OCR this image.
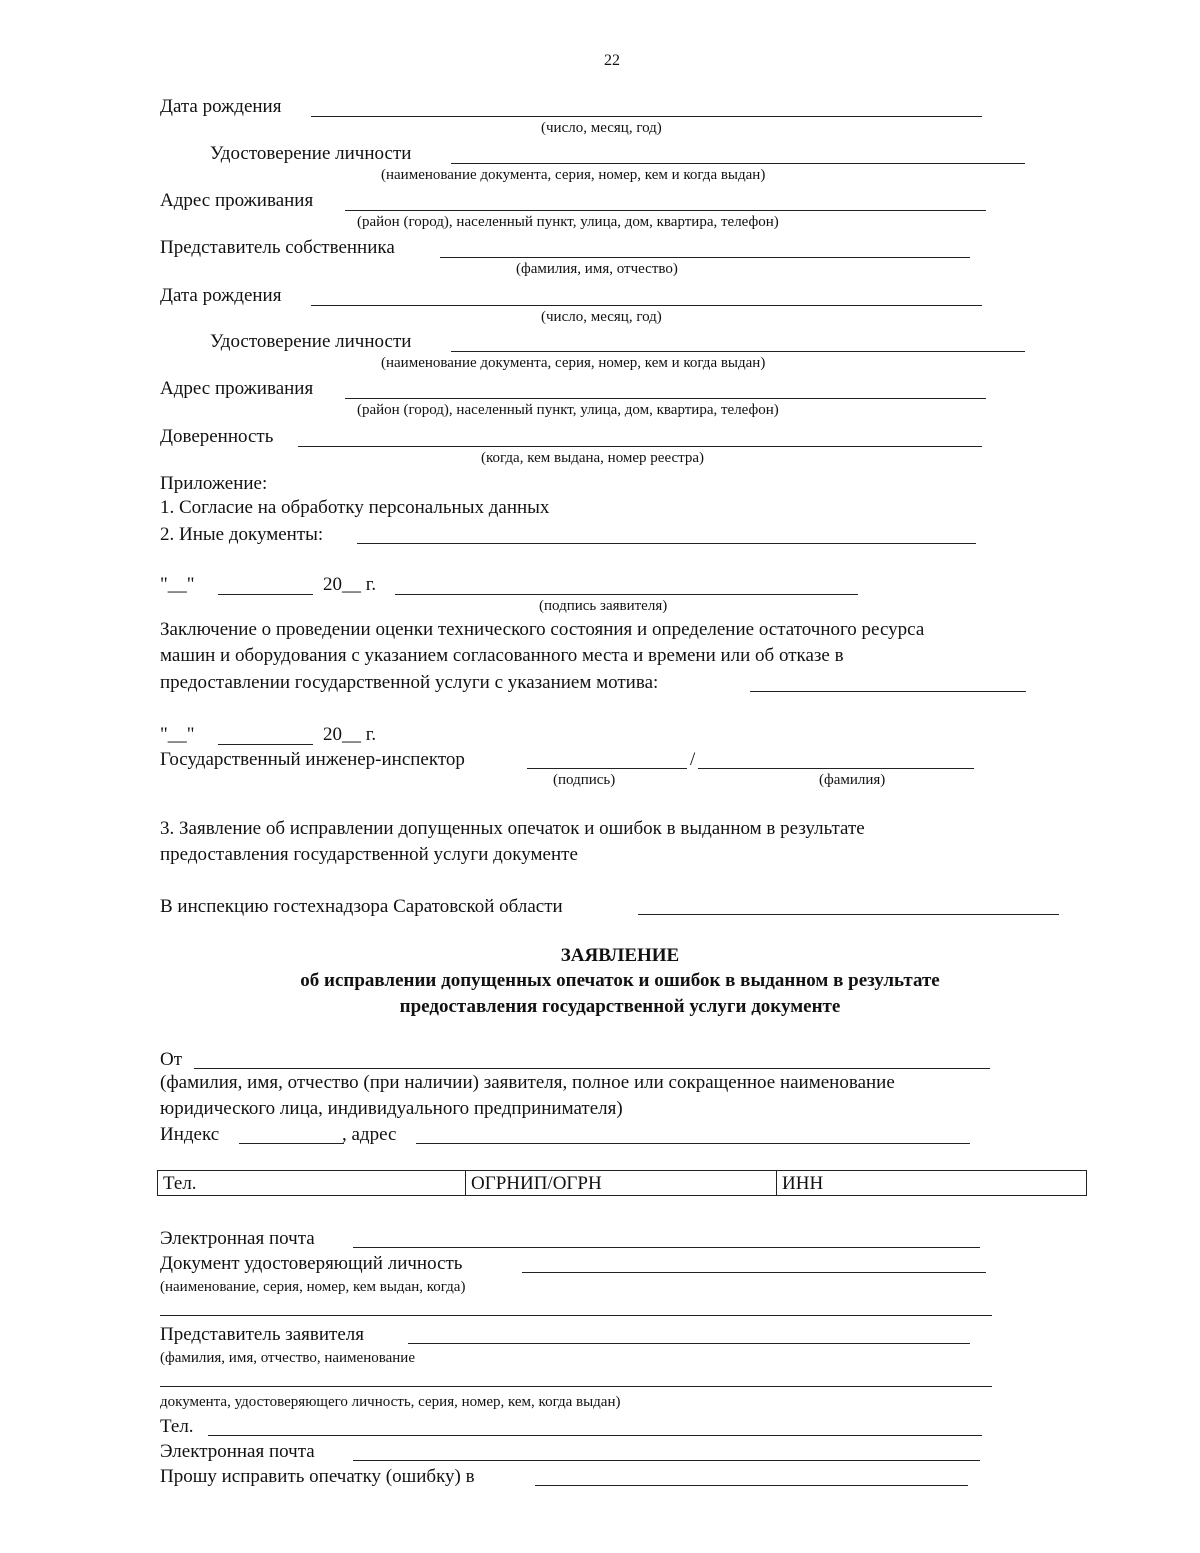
22
Дата рождения
(число, месяц, год)
Удостоверение личности
(наименование документа, серия, номер, кем и когда выдан)
Адрес проживания
(район (город), населенный пункт, улица, дом, квартира, телефон)
Представитель собственника
(фамилия, имя, отчество)
Дата рождения
(число, месяц, год)
Удостоверение личности
(наименование документа, серия, номер, кем и когда выдан)
Адрес проживания
(район (город), населенный пункт, улица, дом, квартира, телефон)
Доверенность
(когда, кем выдана, номер реестра)
Приложение:
1. Согласие на обработку персональных данных
2. Иные документы:
"__"	20__ г.
(подпись заявителя)
Заключение о проведении оценки технического состояния и определение остаточного ресурса
машин и оборудования с указанием согласованного места и времени или об отказе в
предоставлении государственной услуги с указанием мотива:
"__"	20__ г.
Государственный инженер-инспектор	/
(подпись)	(фамилия)
3. Заявление об исправлении допущенных опечаток и ошибок в выданном в результате
предоставления государственной услуги документе
В инспекцию гостехнадзора Саратовской области
ЗАЯВЛЕНИЕ
об исправлении допущенных опечаток и ошибок в выданном в результате
предоставления государственной услуги документе
От
(фамилия, имя, отчество (при наличии) заявителя, полное или сокращенное наименование
юридического лица, индивидуального предпринимателя)
Индекс	, адрес
Тел.	ОГРНИП/ОГРН	ИНН
Электронная почта
Документ удостоверяющий личность
(наименование, серия, номер, кем выдан, когда)
Представитель заявителя
(фамилия, имя, отчество, наименование
документа, удостоверяющего личность, серия, номер, кем, когда выдан)
Тел.
Электронная почта
Прошу исправить опечатку (ошибку) в
